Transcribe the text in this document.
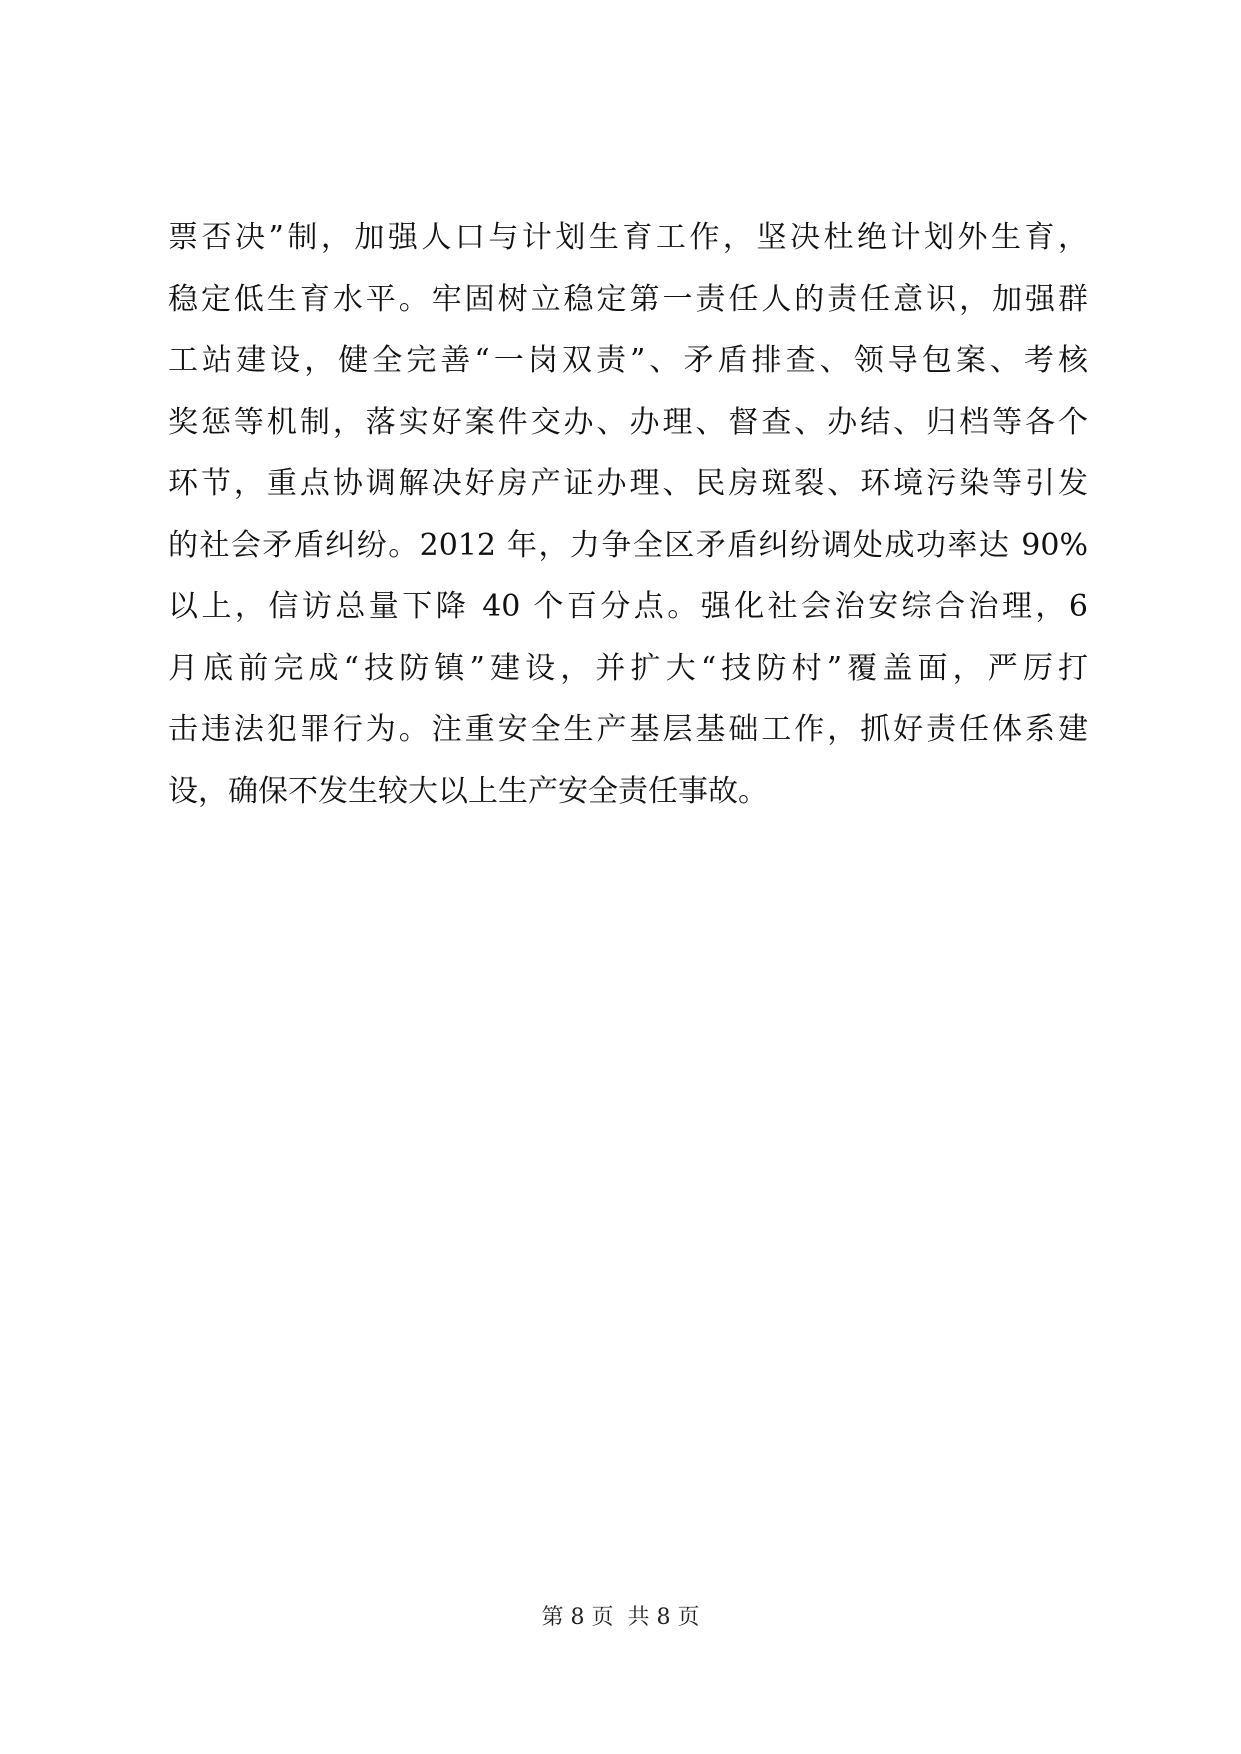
票否决”制，加强人口与计划生育工作，坚决杜绝计划外生育，
稳定低生育水平。牢固树立稳定第一责任人的责任意识，加强群
工站建设，健全完善“一岗双责”、矛盾排查、领导包案、考核
奖惩等机制，落实好案件交办、办理、督查、办结、归档等各个
环节，重点协调解决好房产证办理、民房斑裂、环境污染等引发
的社会矛盾纠纷。2012 年，力争全区矛盾纠纷调处成功率达 90%
以上，信访总量下降 40 个百分点。强化社会治安综合治理，6
月底前完成“技防镇”建设，并扩大“技防村”覆盖面，严厉打
击违法犯罪行为。注重安全生产基层基础工作，抓好责任体系建
设，确保不发生较大以上生产安全责任事故。
第 8 页 共 8 页
